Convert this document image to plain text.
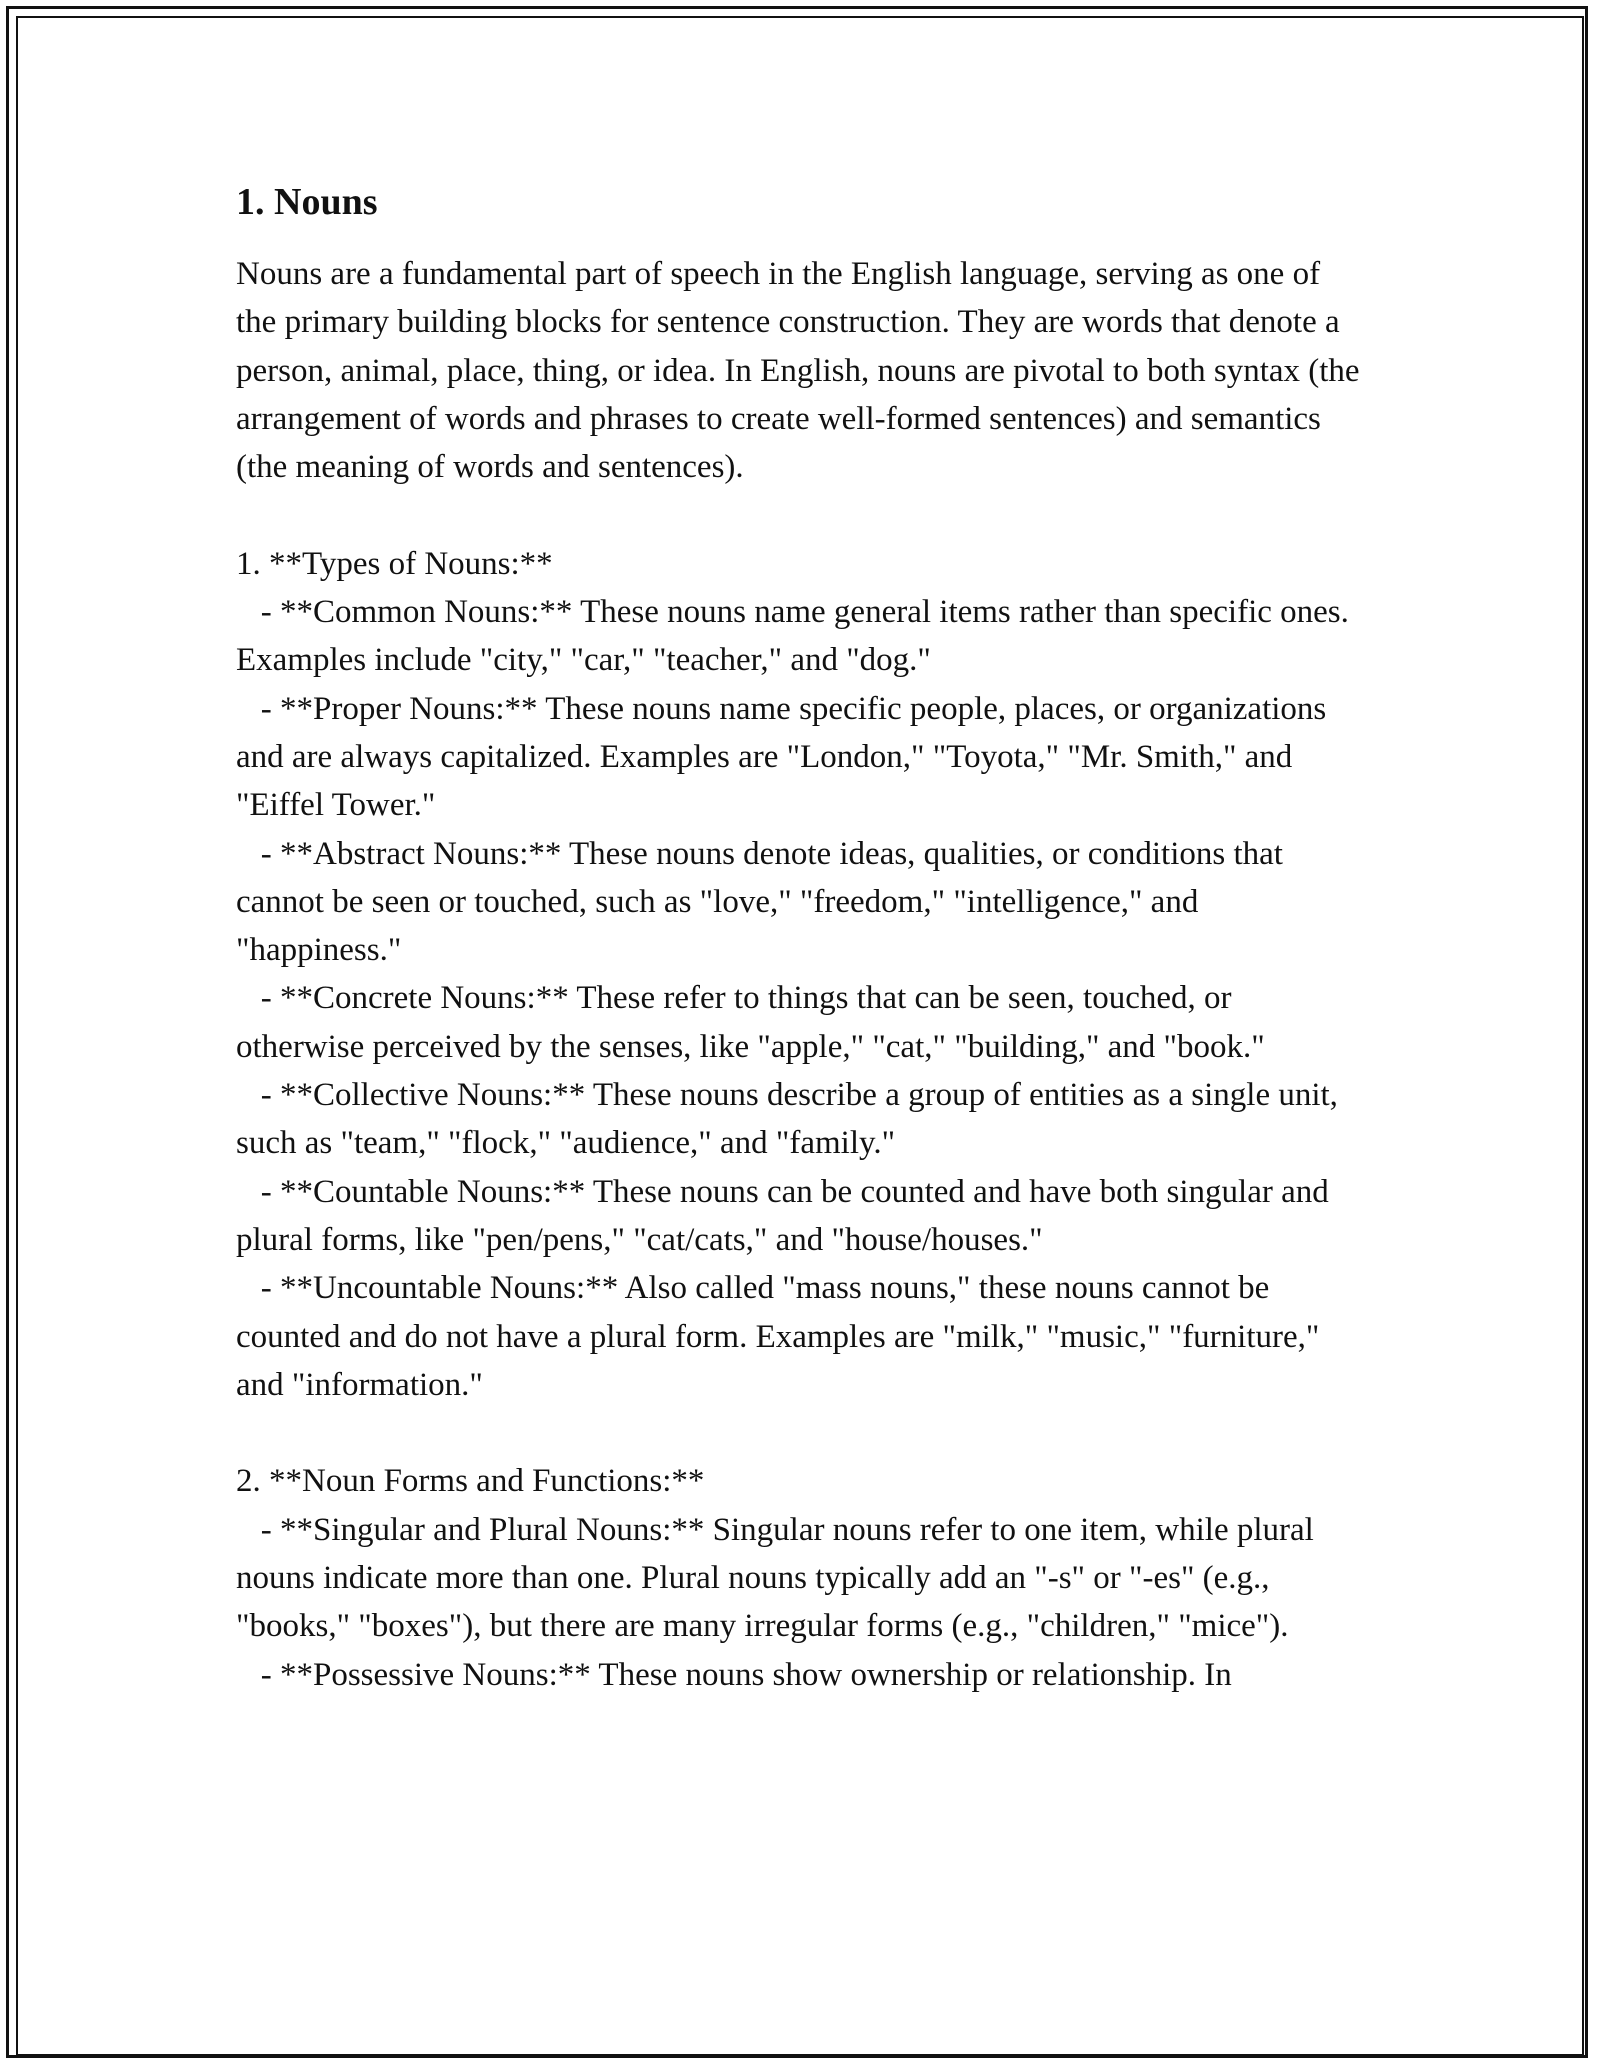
1. Nouns

Nouns are a fundamental part of speech in the English language, serving as one of the primary building blocks for sentence construction. They are words that denote a person, animal, place, thing, or idea. In English, nouns are pivotal to both syntax (the arrangement of words and phrases to create well-formed sentences) and semantics (the meaning of words and sentences).

1. **Types of Nouns:**

- **Common Nouns:** These nouns name general items rather than specific ones. Examples include "city," "car," "teacher," and "dog."

- **Proper Nouns:** These nouns name specific people, places, or organizations and are always capitalized. Examples are "London," "Toyota," "Mr. Smith," and "Eiffel Tower."

- **Abstract Nouns:** These nouns denote ideas, qualities, or conditions that cannot be seen or touched, such as "love," "freedom," "intelligence," and "happiness."

- **Concrete Nouns:** These refer to things that can be seen, touched, or otherwise perceived by the senses, like "apple," "cat," "building," and "book."

- **Collective Nouns:** These nouns describe a group of entities as a single unit, such as "team," "flock," "audience," and "family."

- **Countable Nouns:** These nouns can be counted and have both singular and plural forms, like "pen/pens," "cat/cats," and "house/houses."

- **Uncountable Nouns:** Also called "mass nouns," these nouns cannot be counted and do not have a plural form. Examples are "milk," "music," "furniture," and "information."

2. **Noun Forms and Functions:**

- **Singular and Plural Nouns:** Singular nouns refer to one item, while plural nouns indicate more than one. Plural nouns typically add an "-s" or "-es" (e.g., "books," "boxes"), but there are many irregular forms (e.g., "children," "mice").

- **Possessive Nouns:** These nouns show ownership or relationship. In
